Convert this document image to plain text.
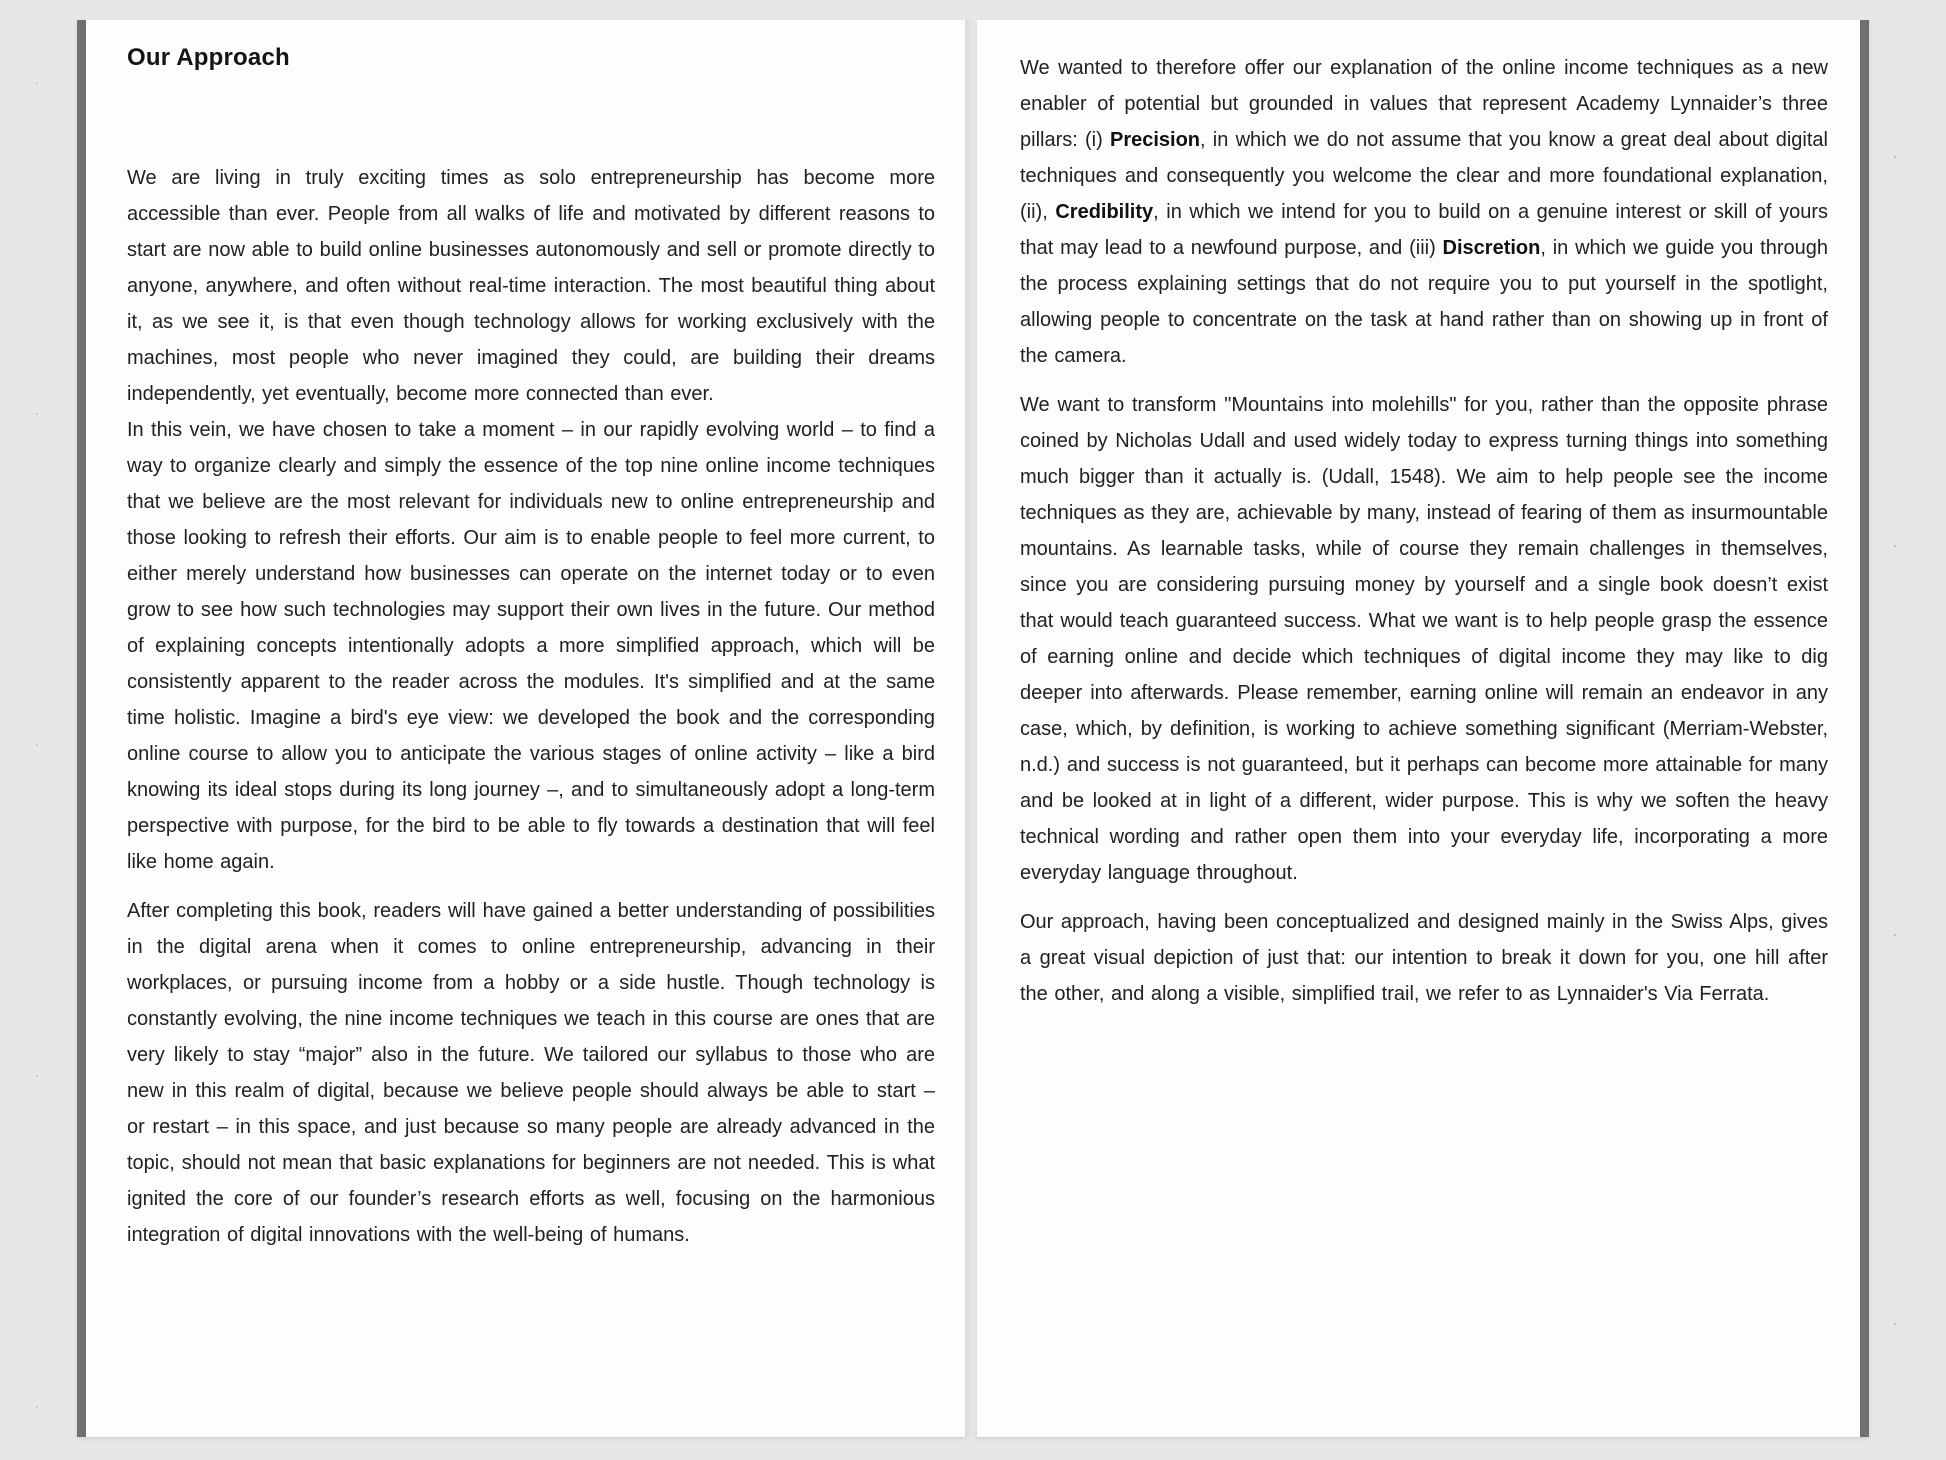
Our Approach

We are living in truly exciting times as solo entrepreneurship has become more accessible than ever. People from all walks of life and motivated by different reasons to start are now able to build online businesses autonomously and sell or promote directly to anyone, anywhere, and often without real-time interaction. The most beautiful thing about it, as we see it, is that even though technology allows for working exclusively with the machines, most people who never imagined they could, are building their dreams independently, yet eventually, become more connected than ever.

In this vein, we have chosen to take a moment – in our rapidly evolving world – to find a way to organize clearly and simply the essence of the top nine online income techniques that we believe are the most relevant for individuals new to online entrepreneurship and those looking to refresh their efforts. Our aim is to enable people to feel more current, to either merely understand how businesses can operate on the internet today or to even grow to see how such technologies may support their own lives in the future. Our method of explaining concepts intentionally adopts a more simplified approach, which will be consistently apparent to the reader across the modules. It's simplified and at the same time holistic. Imagine a bird's eye view: we developed the book and the corresponding online course to allow you to anticipate the various stages of online activity – like a bird knowing its ideal stops during its long journey –, and to simultaneously adopt a long-term perspective with purpose, for the bird to be able to fly towards a destination that will feel like home again.

After completing this book, readers will have gained a better understanding of possibilities in the digital arena when it comes to online entrepreneurship, advancing in their workplaces, or pursuing income from a hobby or a side hustle. Though technology is constantly evolving, the nine income techniques we teach in this course are ones that are very likely to stay “major” also in the future. We tailored our syllabus to those who are new in this realm of digital, because we believe people should always be able to start – or restart – in this space, and just because so many people are already advanced in the topic, should not mean that basic explanations for beginners are not needed. This is what ignited the core of our founder’s research efforts as well, focusing on the harmonious integration of digital innovations with the well-being of humans.

We wanted to therefore offer our explanation of the online income techniques as a new enabler of potential but grounded in values that represent Academy Lynnaider’s three pillars: (i) Precision, in which we do not assume that you know a great deal about digital techniques and consequently you welcome the clear and more foundational explanation, (ii), Credibility, in which we intend for you to build on a genuine interest or skill of yours that may lead to a newfound purpose, and (iii) Discretion, in which we guide you through the process explaining settings that do not require you to put yourself in the spotlight, allowing people to concentrate on the task at hand rather than on showing up in front of the camera.

We want to transform "Mountains into molehills" for you, rather than the opposite phrase coined by Nicholas Udall and used widely today to express turning things into something much bigger than it actually is. (Udall, 1548). We aim to help people see the income techniques as they are, achievable by many, instead of fearing of them as insurmountable mountains. As learnable tasks, while of course they remain challenges in themselves, since you are considering pursuing money by yourself and a single book doesn’t exist that would teach guaranteed success. What we want is to help people grasp the essence of earning online and decide which techniques of digital income they may like to dig deeper into afterwards. Please remember, earning online will remain an endeavor in any case, which, by definition, is working to achieve something significant (Merriam-Webster, n.d.) and success is not guaranteed, but it perhaps can become more attainable for many and be looked at in light of a different, wider purpose. This is why we soften the heavy technical wording and rather open them into your everyday life, incorporating a more everyday language throughout.

Our approach, having been conceptualized and designed mainly in the Swiss Alps, gives a great visual depiction of just that: our intention to break it down for you, one hill after the other, and along a visible, simplified trail, we refer to as Lynnaider's Via Ferrata.
